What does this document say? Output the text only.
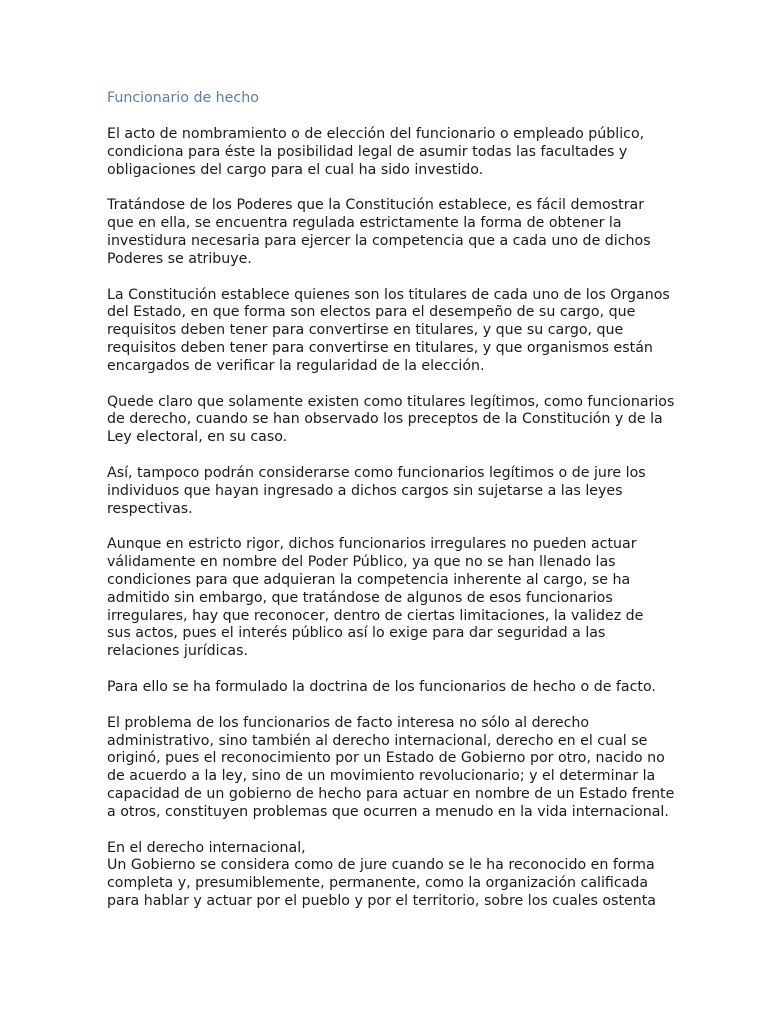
Funcionario de hecho
El acto de nombramiento o de elección del funcionario o empleado público,
condiciona para éste la posibilidad legal de asumir todas las facultades y
obligaciones del cargo para el cual ha sido investido.
Tratándose de los Poderes que la Constitución establece, es fácil demostrar
que en ella, se encuentra regulada estrictamente la forma de obtener la
investidura necesaria para ejercer la competencia que a cada uno de dichos
Poderes se atribuye.
La Constitución establece quienes son los titulares de cada uno de los Organos
del Estado, en que forma son electos para el desempeño de su cargo, que
requisitos deben tener para convertirse en titulares, y que su cargo, que
requisitos deben tener para convertirse en titulares, y que organismos están
encargados de verificar la regularidad de la elección.
Quede claro que solamente existen como titulares legítimos, como funcionarios
de derecho, cuando se han observado los preceptos de la Constitución y de la
Ley electoral, en su caso.
Así, tampoco podrán considerarse como funcionarios legítimos o de jure los
individuos que hayan ingresado a dichos cargos sin sujetarse a las leyes
respectivas.
Aunque en estricto rigor, dichos funcionarios irregulares no pueden actuar
válidamente en nombre del Poder Público, ya que no se han llenado las
condiciones para que adquieran la competencia inherente al cargo, se ha
admitido sin embargo, que tratándose de algunos de esos funcionarios
irregulares, hay que reconocer, dentro de ciertas limitaciones, la validez de
sus actos, pues el interés público así lo exige para dar seguridad a las
relaciones jurídicas.
Para ello se ha formulado la doctrina de los funcionarios de hecho o de facto.
El problema de los funcionarios de facto interesa no sólo al derecho
administrativo, sino también al derecho internacional, derecho en el cual se
originó, pues el reconocimiento por un Estado de Gobierno por otro, nacido no
de acuerdo a la ley, sino de un movimiento revolucionario; y el determinar la
capacidad de un gobierno de hecho para actuar en nombre de un Estado frente
a otros, constituyen problemas que ocurren a menudo en la vida internacional.
En el derecho internacional,
Un Gobierno se considera como de jure cuando se le ha reconocido en forma
completa y, presumiblemente, permanente, como la organización calificada
para hablar y actuar por el pueblo y por el territorio, sobre los cuales ostenta
